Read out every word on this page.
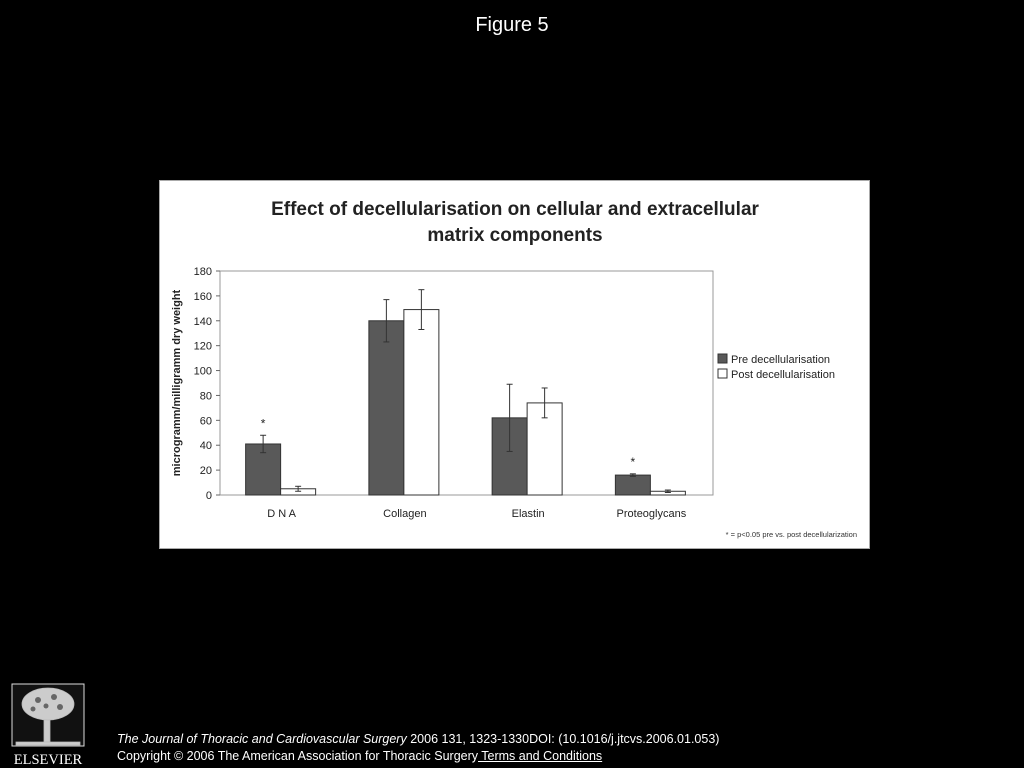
Figure 5
Effect of decellularisation on cellular and extracellular
matrix components
0
20
40
60
80
100
120
140
160
180
microgramm/milligramm dry weight	*
D N A	Collagen	Elastin
*
Proteoglycans
Pre decellularisation
Post decellularisation
* = p<0.05 pre vs. post decellularization
ELSEVIER
The Journal of Thoracic and Cardiovascular Surgery 2006 131, 1323-1330DOI: (10.1016/j.jtcvs.2006.01.053)
Copyright © 2006 The American Association for Thoracic Surgery Terms and Conditions
